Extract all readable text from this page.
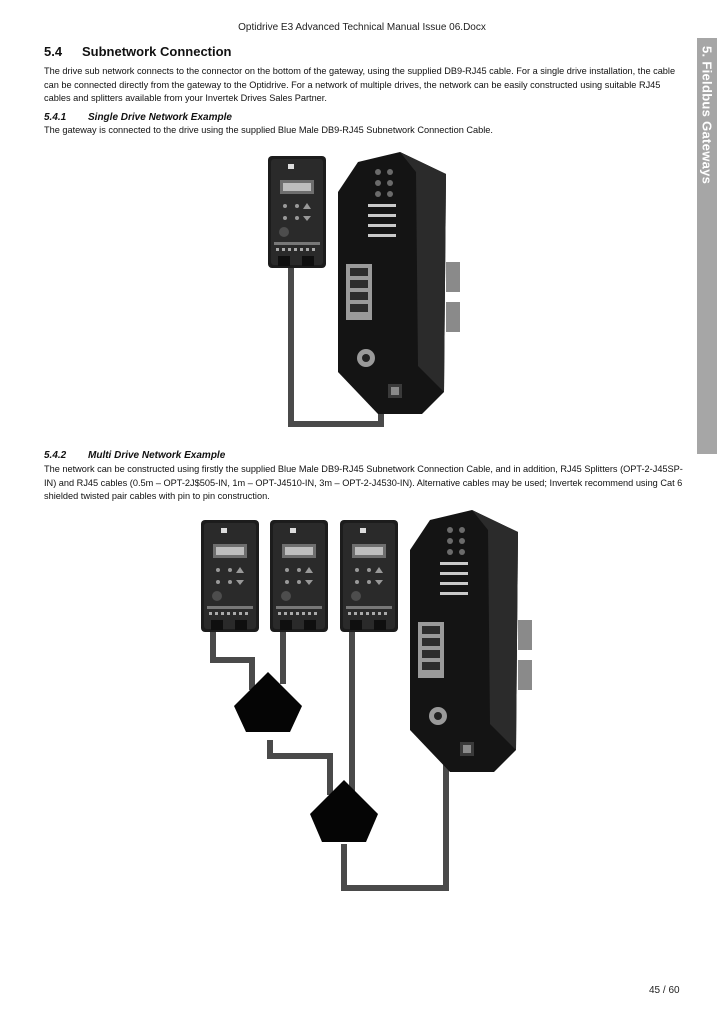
Optidrive E3 Advanced Technical Manual Issue 06.Docx
5. Fieldbus Gateways
5.4 Subnetwork Connection

The drive sub network connects to the connector on the bottom of the gateway, using the supplied DB9-RJ45 cable. For a single drive installation, the cable can be connected directly from the gateway to the Optidrive. For a network of multiple drives, the network can be easily constructed using suitable RJ45 cables and splitters available from your Invertek Drives Sales Partner.

5.4.1 Single Drive Network Example

The gateway is connected to the drive using the supplied Blue Male DB9-RJ45 Subnetwork Connection Cable.

5.4.2 Multi Drive Network Example

The network can be constructed using firstly the supplied Blue Male DB9-RJ45 Subnetwork Connection Cable, and in addition, RJ45 Splitters (OPT-2-J45SP-IN) and RJ45 cables (0.5m – OPT-2J$505-IN, 1m – OPT-J4510-IN, 3m – OPT-2-J4530-IN). Alternative cables may be used; Invertek recommend using Cat 6 shielded twisted pair cables with pin to pin construction.

45 / 60
